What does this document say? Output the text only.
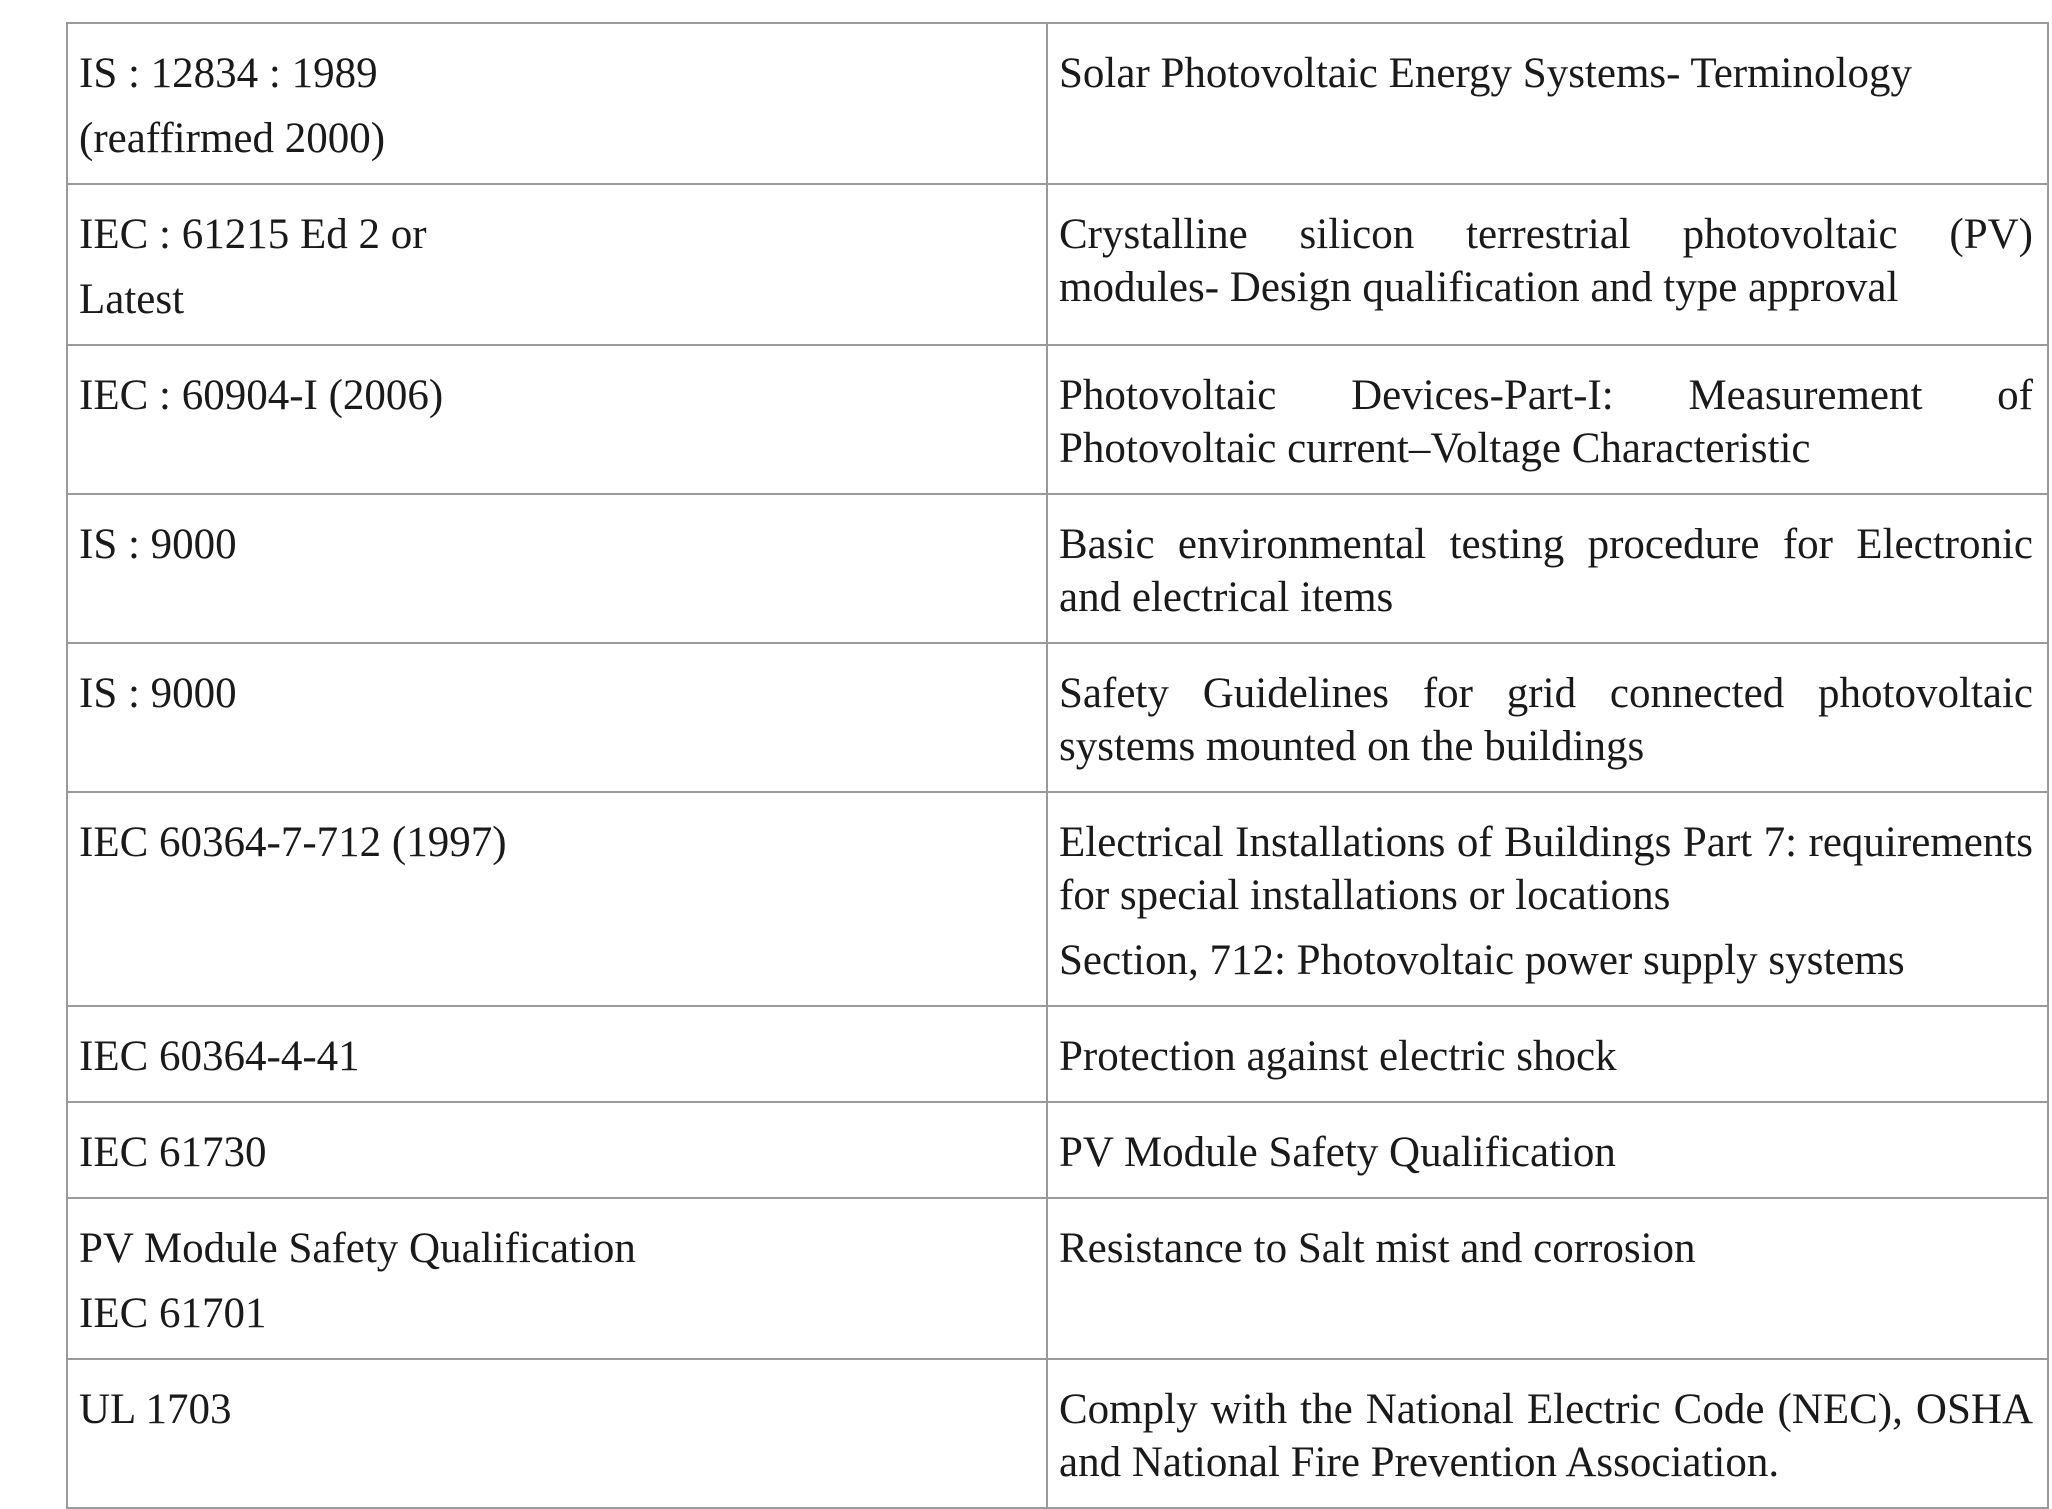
IS : 12834 : 1989
(reaffirmed 2000)	Solar Photovoltaic Energy Systems- Terminology

IEC : 61215 Ed 2 or
Latest	Crystalline silicon terrestrial photovoltaic (PV) modules- Design qualification and type approval

IEC : 60904-I (2006)	Photovoltaic Devices-Part-I: Measurement of Photovoltaic current–Voltage Characteristic

IS : 9000	Basic environmental testing procedure for Electronic and electrical items

IS : 9000	Safety Guidelines for grid connected photovoltaic systems mounted on the buildings

IEC 60364-7-712 (1997)	Electrical Installations of Buildings Part 7: requirements for special installations or locations
Section, 712: Photovoltaic power supply systems

IEC 60364-4-41	Protection against electric shock

IEC 61730	PV Module Safety Qualification

PV Module Safety Qualification
IEC 61701	Resistance to Salt mist and corrosion

UL 1703	Comply with the National Electric Code (NEC), OSHA and National Fire Prevention Association.
